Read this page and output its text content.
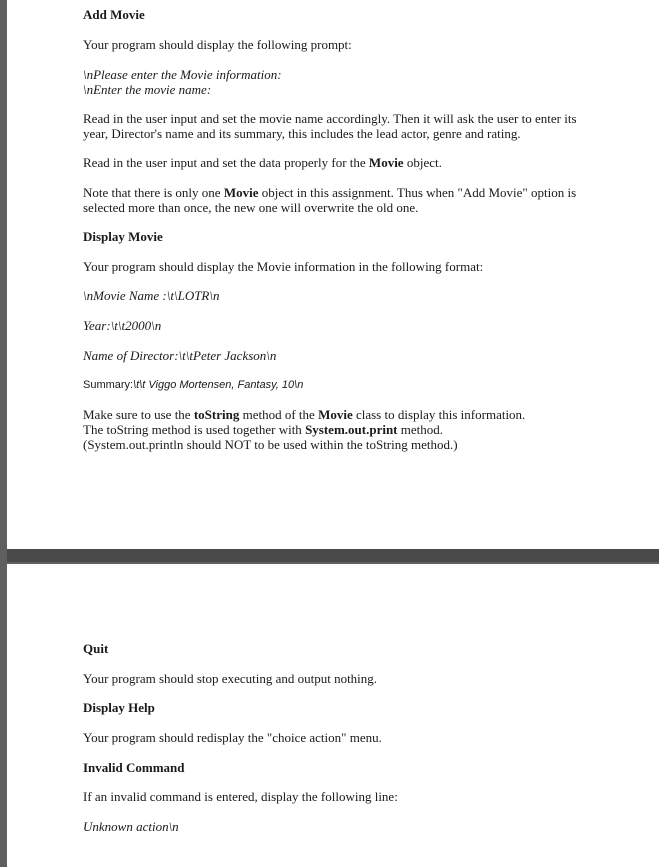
Add Movie

Your program should display the following prompt:

\nPlease enter the Movie information:

\nEnter the movie name:

Read in the user input and set the movie name accordingly. Then it will ask the user to enter its

year, Director's name and its summary, this includes the lead actor, genre and rating.

Read in the user input and set the data properly for the Movie object.

Note that there is only one Movie object in this assignment. Thus when "Add Movie" option is

selected more than once, the new one will overwrite the old one.

Display Movie

Your program should display the Movie information in the following format:

\nMovie Name :\t\LOTR\n

Year:\t\t2000\n

Name of Director:\t\tPeter Jackson\n

Summary:\t\t Viggo Mortensen, Fantasy, 10\n

Make sure to use the toString method of the Movie class to display this information.

The toString method is used together with System.out.print method.

(System.out.println should NOT to be used within the toString method.)

Quit

Your program should stop executing and output nothing.

Display Help

Your program should redisplay the "choice action" menu.

Invalid Command

If an invalid command is entered, display the following line:

Unknown action\n
